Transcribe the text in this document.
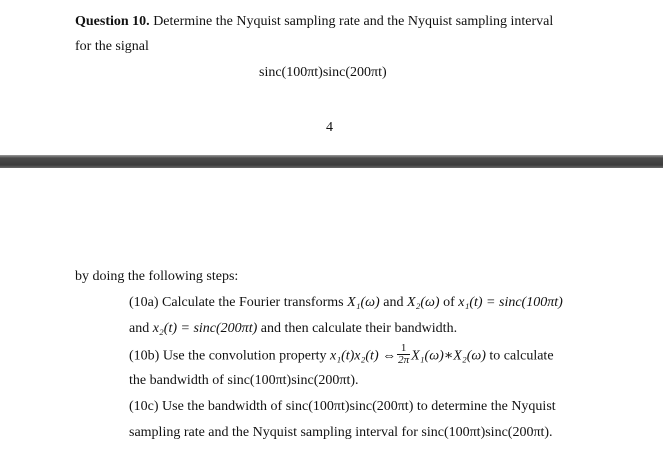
Question 10. Determine the Nyquist sampling rate and the Nyquist sampling interval
for the signal
sinc(100πt)sinc(200πt)
4
by doing the following steps:
(10a) Calculate the Fourier transforms X₁(ω) and X₂(ω) of x₁(t) = sinc(100πt)
and x₂(t) = sinc(200πt) and then calculate their bandwidth.
(10b) Use the convolution property x₁(t)x₂(t) ⇔ $\frac{1}{2\pi}$ X₁(ω)∗X₂(ω) to calculate
the bandwidth of sinc(100πt)sinc(200πt).
(10c) Use the bandwidth of sinc(100πt)sinc(200πt) to determine the Nyquist
sampling rate and the Nyquist sampling interval for sinc(100πt)sinc(200πt).
